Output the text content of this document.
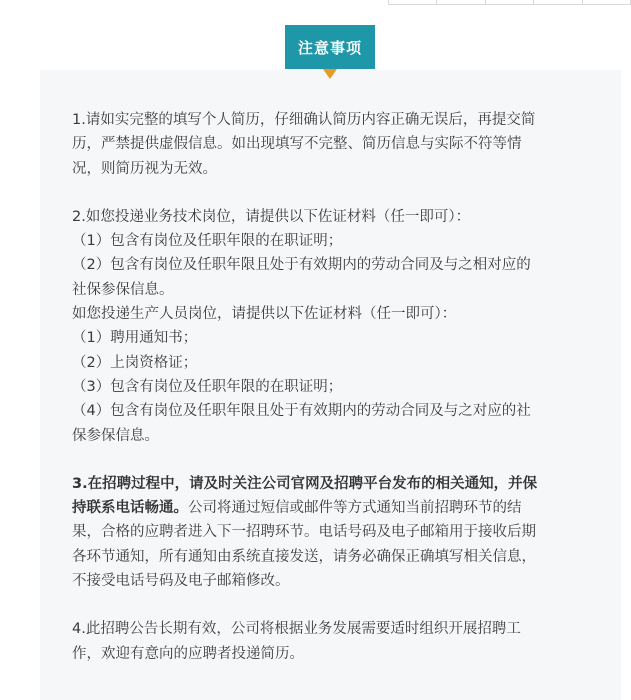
注意事项

1.请如实完整的填写个人简历，仔细确认简历内容正确无误后，再提交简

历，严禁提供虚假信息。如出现填写不完整、简历信息与实际不符等情

况，则简历视为无效。

2.如您投递业务技术岗位，请提供以下佐证材料（任一即可）：

（1）包含有岗位及任职年限的在职证明；

（2）包含有岗位及任职年限且处于有效期内的劳动合同及与之相对应的

社保参保信息。

如您投递生产人员岗位，请提供以下佐证材料（任一即可）：

（1）聘用通知书；

（2）上岗资格证；

（3）包含有岗位及任职年限的在职证明；

（4）包含有岗位及任职年限且处于有效期内的劳动合同及与之对应的社

保参保信息。

3.在招聘过程中，请及时关注公司官网及招聘平台发布的相关通知，并保

持联系电话畅通。公司将通过短信或邮件等方式通知当前招聘环节的结

果，合格的应聘者进入下一招聘环节。电话号码及电子邮箱用于接收后期

各环节通知，所有通知由系统直接发送，请务必确保正确填写相关信息，

不接受电话号码及电子邮箱修改。

4.此招聘公告长期有效，公司将根据业务发展需要适时组织开展招聘工

作，欢迎有意向的应聘者投递简历。
